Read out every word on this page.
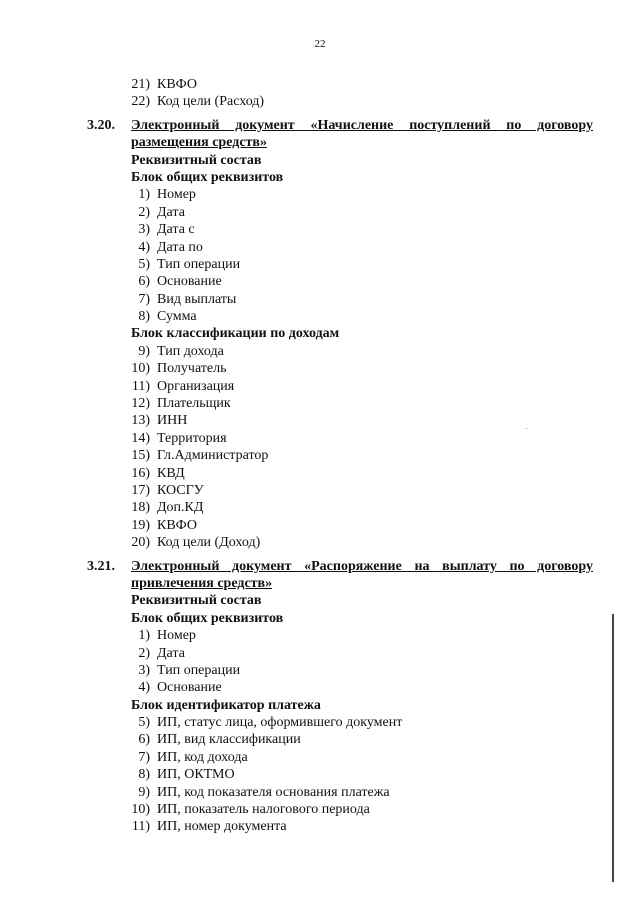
22
21) КВФО
22) Код цели (Расход)
3.20. Электронный документ «Начисление поступлений по договору
размещения средств»
Реквизитный состав
Блок общих реквизитов
1) Номер
2) Дата
3) Дата с
4) Дата по
5) Тип операции
6) Основание
7) Вид выплаты
8) Сумма
Блок классификации по доходам
9) Тип дохода
10) Получатель
11) Организация
12) Плательщик
13) ИНН
14) Территория
15) Гл.Администратор
16) КВД
17) КОСГУ
18) Доп.КД
19) КВФО
20) Код цели (Доход)
3.21. Электронный документ «Распоряжение на выплату по договору
привлечения средств»
Реквизитный состав
Блок общих реквизитов
1) Номер
2) Дата
3) Тип операции
4) Основание
Блок идентификатор платежа
5) ИП, статус лица, оформившего документ
6) ИП, вид классификации
7) ИП, код дохода
8) ИП, ОКТМО
9) ИП, код показателя основания платежа
10) ИП, показатель налогового периода
11) ИП, номер документа
